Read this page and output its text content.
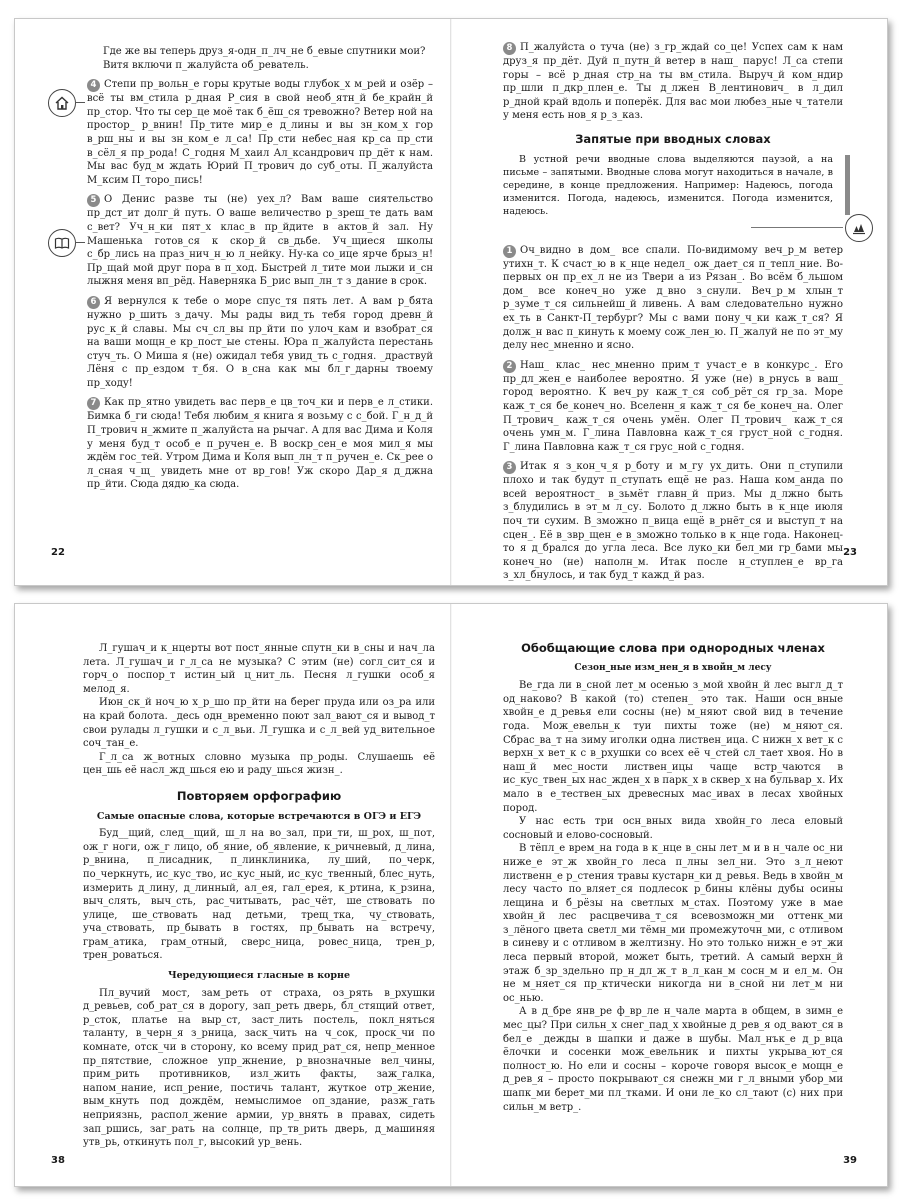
Где же вы теперь друз_я-одн_п_лч_не б_евые спутники мои?

Витя включи п_жалуйста об_реватель.

4 Степи пр_вольн_е горы крутые воды глубок_х м_рей и озёр – всё ты вм_стила р_дная Р_сия в свой необ_ятн_й бе_крайн_й пр_стор. Что ты сер_це моё так б_ёш_ся тревожно? Ветер ной на простор_ р_внин! Пр_тите мир_е д_лины и вы зн_ком_х гор в_рш_ны и вы зн_ком_е л_са! Пр_сти небес_ная кр_са пр_сти в_сёл_я пр_рода! С_годня М_хаил Ал_ксандрович пр_дёт к нам. Мы вас буд_м ждать Юрий П_трович до суб_оты. П_жалуйста М_ксим П_торо_пись!

5 О Денис разве ты (не) уех_л? Вам ваше сиятельство пр_дст_ит долг_й путь. О ваше величество р_зреш_те дать вам с_вет? Уч_н_ки пят_х клас_в пр_йдите в актов_й зал. Ну Машенька готов_ся к скор_й св_дьбе. Уч_щиеся школы с_бр_лись на праз_нич_н_ю л_нейку. Ну-ка со_ице ярче брыз_н! Пр_щай мой друг пора в п_ход. Быстрей л_тите мои лыжи и_сн лыжня меня вп_рёд. Наверняка Б_рис вып_лн_т з_дание в срок.

6 Я вернулся к тебе о море спус_тя пять лет. А вам р_бята нужно р_шить з_дачу. Мы рады вид_ть тебя город древн_й рус_к_й славы. Мы сч_сл_вы пр_йти по улоч_кам и взобрат_ся на ваши мощн_е кр_пост_ые стены. Юра п_жалуйста перестань стуч_ть. О Миша я (не) ожидал тебя увид_ть с_годня. _драствуй Лёня с пр_ездом т_бя. О в_сна как мы бл_г_дарны твоему пр_ходу!

7 Как пр_ятно увидеть вас перв_е цв_точ_ки и перв_е л_стики. Бимка б_ги сюда! Тебя любим_я книга я возьму с с_бой. Г_н_д_й П_трович н_жмите п_жалуйста на рычаг. А для вас Дима и Коля у меня буд_т особ_е п_ручен_е. В воскр_сен_е моя мил_я мы ждём гос_тей. Утром Дима и Коля вып_лн_т п_ручен_е. Ск_рее о л_сная ч_щ_ увидеть мне от вр_гов! Уж скоро Дар_я д_джна пр_йти. Сюда дядю_ка сюда.

22

8 П_жалуйста о туча (не) з_гр_ждай со_це! Успех сам к нам друз_я пр_дёт. Дуй п_путн_й ветер в наш_ парус! Л_са степи горы – всё р_дная стр_на ты вм_стила. Выруч_й ком_ндир пр_шли п_дкр_плен_е. Ты д_лжен В_лентинович_ в л_дил р_дной край вдоль и поперёк. Для вас мои любез_ные ч_татели у меня есть нов_я р_з_каз.

Запятые при вводных словах

В устной речи вводные слова выделяются паузой, а на письме – запятыми. Вводные слова могут находиться в начале, в середине, в конце предложения. Например: Надеюсь, погода изменится. Погода, надеюсь, изменится. Погода изменится, надеюсь.

1 Оч_видно в дом_ все спали. По-видимому веч_р_м ветер утихн_т. К счаст_ю в к_нце недел_ ож_дает_ся п_тепл_ние. Во-первых он пр_ех_л не из Твери а из Рязан_. Во всём б_льшом дом_ все конеч_но уже д_вно з_снули. Веч_р_м хлын_т р_зуме_т_ся сильнейш_й ливень. А вам следовательно нужно ех_ть в Санкт-П_тербург? Мы с вами пону_ч_ки каж_т_ся? Я долж_н вас п_кинуть к моему сож_лен_ю. П_жалуй не по эт_му делу нес_мненно и ясно.

2 Наш_ клас_ нес_мненно прим_т участ_е в конкурс_. Его пр_дл_жен_е наиболее вероятно. Я уже (не) в_рнусь в ваш_ город вероятно. К веч_ру каж_т_ся соб_рёт_ся гр_за. Море каж_т_ся бе_конеч_но. Вселенн_я каж_т_ся бе_конеч_на. Олег П_трович_ каж_т_ся очень умён. Олег П_трович_ каж_т_ся очень умн_м. Г_лина Павловна каж_т_ся груст_ной с_годня. Г_лина Павловна каж_т_ся грус_ной с_годня.

3 Итак я з_кон_ч_я р_боту и м_гу ух_дить. Они п_ступили плохо и так будут п_ступать ещё не раз. Наша ком_анда по всей вероятност_ в_зьмёт главн_й приз. Мы д_лжно быть з_блудились в эт_м л_су. Болото д_лжно быть в к_нце июля поч_ти сухим. В_зможно п_вица ещё в_рнёт_ся и выступ_т на сцен_. Её в_звр_щен_е в_зможно только в к_нце года. Наконец-то я д_брался до угла леса. Все луко_ки бел_ми гр_бами мы конеч_но (не) наполн_м. Итак после н_ступлен_е вр_га з_хл_бнулось, и так буд_т кажд_й раз.

23

Л_гушач_и к_нцерты вот пост_янные спутн_ки в_сны и нач_ла лета. Л_гушач_и г_л_са не музыка? С этим (не) согл_сит_ся и горч_о поспор_т истин_ый ц_нит_ль. Песня л_гушки особ_я мелод_я.

Июн_ск_й ноч_ю х_р_шо пр_йти на берег пруда или оз_ра или на край болота. _десь одн_временно поют зал_вают_ся и вывод_т свои рулады л_гушки и с_л_вьи. Л_гушка и с_л_вей уд_вительное соч_тан_е.

Г_л_са ж_вотных словно музыка пр_роды. Слушаешь её цен_шь её насл_жд_шься ею и раду_шься жизн_.

Повторяем орфографию
Самые опасные слова, которые встречаются в ОГЭ и ЕГЭ

Буд__щий, след__щий, ш_л на во_зал, при_ти, ш_рох, ш_пот, ож_г ноги, ож_г лицо, об_яние, об_явление, к_ричневый, д_лина, р_внина, п_лисадник, п_линклиника, лу_ший, по_черк, по_черкнуть, ис_кус_тво, ис_кус_ный, ис_кус_твенный, блес_нуть, измерить д_лину, д_линный, ал_ея, гал_ерея, к_ртина, к_рзина, выч_слять, выч_сть, рас_читывать, рас_чёт, ше_ствовать по улице, ше_ствовать над детьми, трещ_тка, чу_ствовать, уча_ствовать, пр_бывать в гостях, пр_бывать на встречу, грам_атика, грам_отный, сверс_ница, ровес_ница, трен_р, трен_роваться.

Чередующиеся гласные в корне

Пл_вучий мост, зам_реть от страха, оз_рять в_рхушки д_ревьев, соб_рат_ся в дорогу, зап_реть дверь, бл_стящий ответ, р_сток, платье на выр_ст, заст_лить постель, покл_няться таланту, в_черн_я з_рница, заск_чить на ч_сок, проск_чи по комнате, отск_чи в сторону, ко всему прид_рат_ся, непр_менное пр_пятствие, сложное упр_жнение, р_внозначные вел_чины, прим_рить противников, изл_жить факты, заж_галка, напом_нание, исп_рение, постичь талант, жуткое отр_жение, вым_кнуть под дождём, немыслимое оп_здание, разж_гать неприязнь, распол_жение армии, ур_внять в правах, сидеть зап_ршись, заг_рать на солнце, пр_тв_рить дверь, д_машиняя утв_рь, откинуть пол_г, высокий ур_вень.

38
Обобщающие слова при однородных членах
Сезон_ные изм_нен_я в хвойн_м лесу

Ве_гда ли в_сной лет_м осенью з_мой хвойн_й лес выгл_д_т од_наково? В какой (то) степен_ это так. Наши осн_вные хвойн_е д_ревья ели сосны (не) м_няют свой вид в течение года. Мож_евельн_к туи пихты тоже (не) м_няют_ся. Сбрас_ва_т на зиму иголки одна листвен_ица. С нижн_х вет_к с верхн_х вет_к с в_рхушки со всех её ч_стей сл_тает хвоя. Но в наш_й мес_ности листвен_ицы чаще встр_чаются в ис_кус_твен_ых нас_жден_х в парк_х в сквер_х на бульвар_х. Их мало в е_тествен_ых древесных мас_ивах в лесах хвойных пород.

У нас есть три осн_вных вида хвойн_го леса еловый сосновый и елово-сосновый.

В тёпл_е врем_на года в к_нце в_сны лет_м и в н_чале ос_ни ниже_е эт_ж хвойн_го леса п_лны зел_ни. Это з_л_неют лиственн_е р_стения травы кустарн_ки д_ревья. Ведь в хвойн_м лесу часто по_вляет_ся подлесок р_бины клёны дубы осины лещина и б_рёзы на светлых м_стах. Поэтому уже в мае хвойн_й лес расцвечива_т_ся всевозможн_ми оттенк_ми з_лёного цвета светл_ми тёмн_ми промежуточн_ми, с отливом в синеву и с отливом в желтизну. Но это только нижн_е эт_жи леса первый второй, может быть, третий. А самый верхн_й этаж б_зр_здельно пр_н_дл_ж_т в_л_кан_м сосн_м и ел_м. Он не м_няет_ся пр_ктически никогда ни в_сной ни лет_м ни ос_нью.

А в д_бре янв_ре ф_вр_ле н_чале марта в общем, в зимн_е мес_цы? При сильн_х снег_пад_х хвойные д_рев_я од_вают_ся в бел_е _дежды в шапки и даже в шубы. Мал_нък_е д_р_вца ёлочки и сосенки мож_евельник и пихты укрыва_ют_ся полност_ю. Но ели и сосны – короче говоря высок_е мощн_е д_рев_я – просто покрывают_ся снежн_ми г_л_вными убор_ми шапк_ми берет_ми пл_тками. И они ле_ко сл_тают (с) них при сильн_м ветр_.

39
